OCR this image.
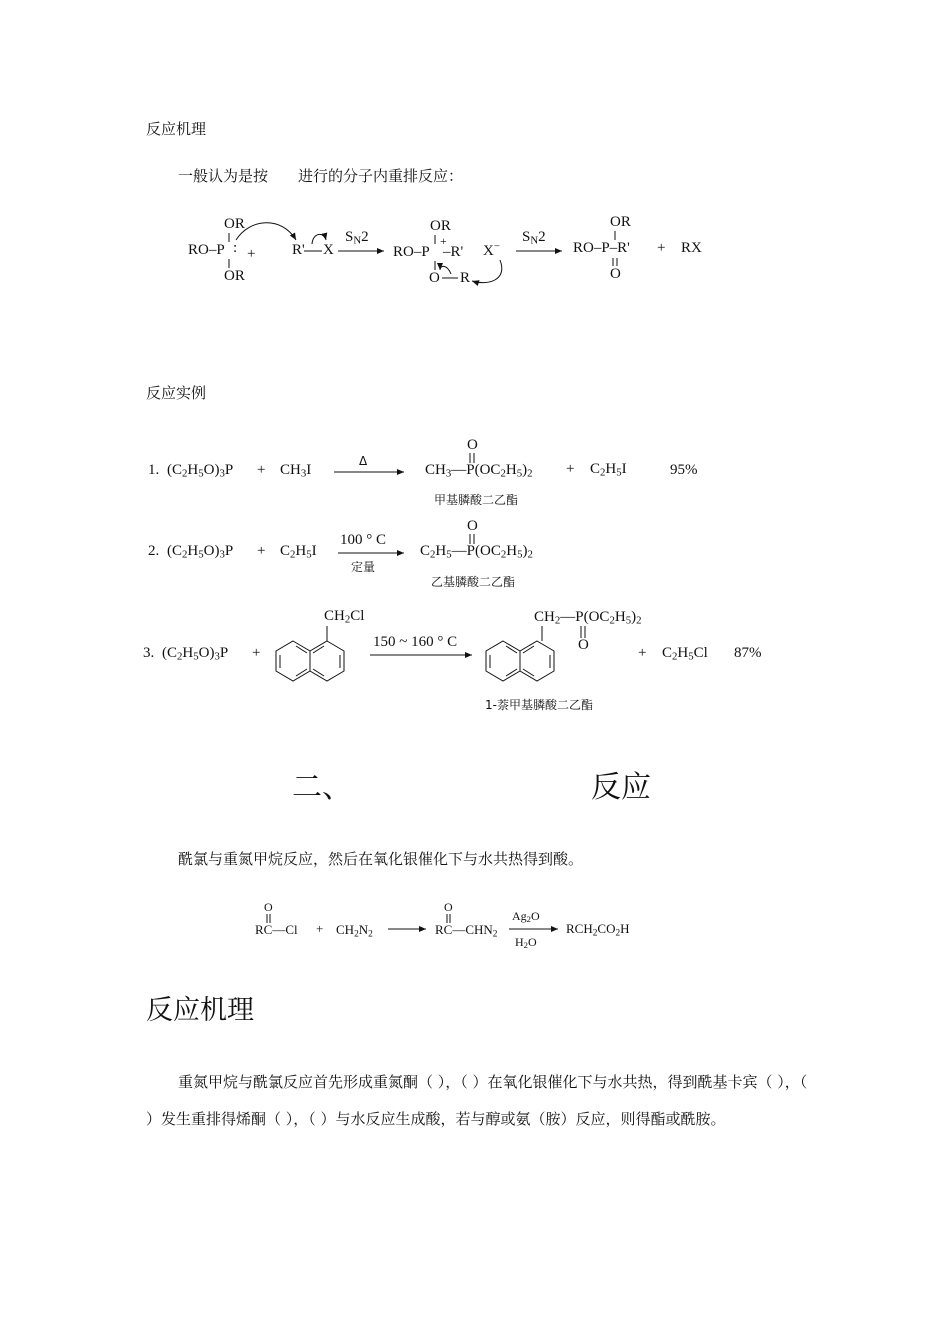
反应机理
一般认为是按　　进行的分子内重排反应：
OR
RO–P : +
OR
R' X
$S_N2$
OR
RO–P
+
–R'
O R
X−
$S_N2$
OR
RO–P–R'
O
+ RX
反应实例
1. $(C_2H_5O)_3P + CH_3I$
Δ
O
$CH_3—P(OC_2H_5)_2$
甲基膦酸二乙酯
+ $C_2H_5I$	95%
2. $(C_2H_5O)_3P + C_2H_5I$
100 ° C
定量
O
$C_2H_5—P(OC_2H_5)_2$
乙基膦酸二乙酯
3. $(C_2H_5O)_3P$ +
$CH_2Cl$
150 ~ 160 ° C
$CH_2—P(OC_2H_5)_2$
O	+ $C_2H_5Cl$ 87%
1-萘甲基膦酸二乙酯
二、	反应
酰氯与重氮甲烷反应，然后在氧化银催化下与水共热得到酸。
O
RC—Cl + $CH_2N_2$
O
$RC—CHN_2$
$Ag_2O$
$H_2O$
$RCH_2CO_2H$
反应机理
重氮甲烷与酰氯反应首先形成重氮酮（ ），（ ）在氧化银催化下与水共热，得到酰基卡宾（ ），（ ）发生重排得烯酮（ ），（ ）与水反应生成酸，若与醇或氨（胺）反应，则得酯或酰胺。
